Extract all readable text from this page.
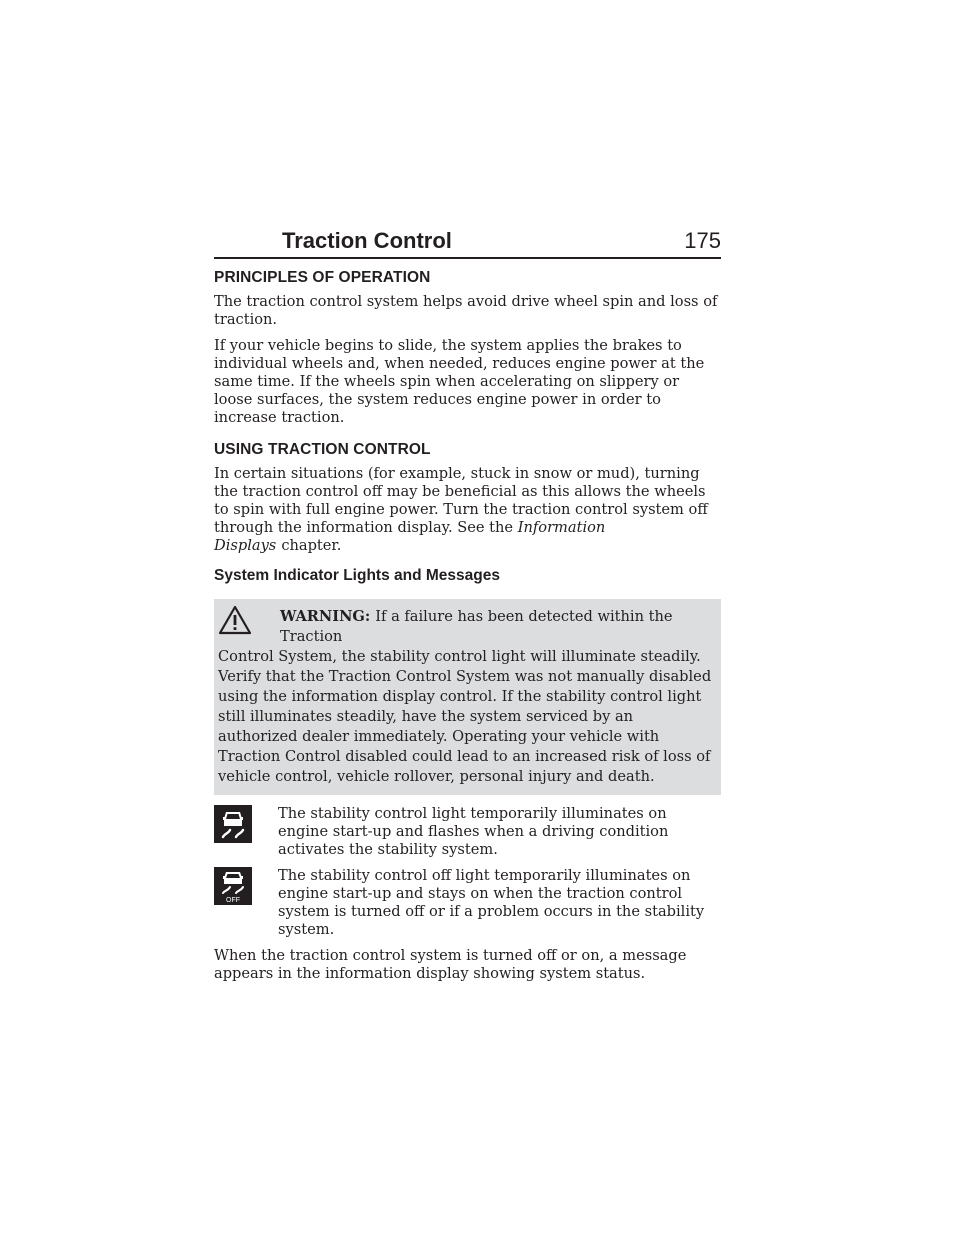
Traction Control	175
PRINCIPLES OF OPERATION

The traction control system helps avoid drive wheel spin and loss of traction.

If your vehicle begins to slide, the system applies the brakes to individual wheels and, when needed, reduces engine power at the same time. If the wheels spin when accelerating on slippery or loose surfaces, the system reduces engine power in order to increase traction.

USING TRACTION CONTROL

In certain situations (for example, stuck in snow or mud), turning the traction control off may be beneficial as this allows the wheels to spin with full engine power. Turn the traction control system off through the information display. See the Information Displays chapter.

System Indicator Lights and Messages

WARNING: If a failure has been detected within the Traction

Control System, the stability control light will illuminate steadily. Verify that the Traction Control System was not manually disabled using the information display control. If the stability control light still illuminates steadily, have the system serviced by an authorized dealer immediately. Operating your vehicle with Traction Control disabled could lead to an increased risk of loss of vehicle control, vehicle rollover, personal injury and death.

The stability control light temporarily illuminates on engine start-up and flashes when a driving condition activates the stability system.

OFF

The stability control off light temporarily illuminates on engine start-up and stays on when the traction control system is turned off or if a problem occurs in the stability system.

When the traction control system is turned off or on, a message appears in the information display showing system status.
